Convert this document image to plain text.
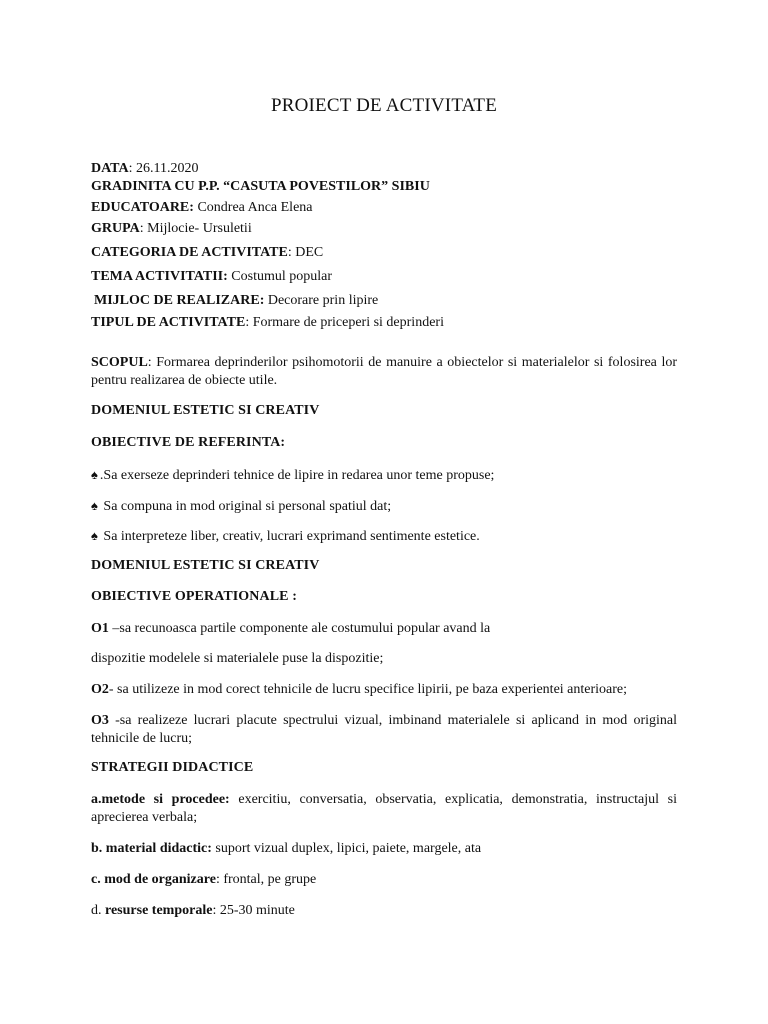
PROIECT DE ACTIVITATE
DATA: 26.11.2020
GRADINITA CU P.P. “CASUTA POVESTILOR” SIBIU
EDUCATOARE: Condrea Anca Elena
GRUPA: Mijlocie- Ursuletii
CATEGORIA DE ACTIVITATE: DEC
TEMA ACTIVITATII: Costumul popular
MIJLOC DE REALIZARE: Decorare prin lipire
TIPUL DE ACTIVITATE: Formare de priceperi si deprinderi
SCOPUL: Formarea deprinderilor psihomotorii de manuire a obiectelor si materialelor si folosirea lor pentru realizarea de obiecte utile.
DOMENIUL ESTETIC SI CREATIV
OBIECTIVE DE REFERINTA:
♠ .Sa exerseze deprinderi tehnice de lipire in redarea unor teme propuse;
♠ Sa compuna in mod original si personal spatiul dat;
♠ Sa interpreteze liber, creativ, lucrari exprimand sentimente estetice.
DOMENIUL ESTETIC SI CREATIV
OBIECTIVE OPERATIONALE :
O1 –sa recunoasca partile componente ale costumului popular avand la
dispozitie modelele si materialele puse la dispozitie;
O2- sa utilizeze in mod corect tehnicile de lucru specifice lipirii, pe baza experientei anterioare;
O3 -sa realizeze lucrari placute spectrului vizual, imbinand materialele si aplicand in mod original tehnicile de lucru;
STRATEGII DIDACTICE
a.metode si procedee: exercitiu, conversatia, observatia, explicatia, demonstratia, instructajul si aprecierea verbala;
b. material didactic: suport vizual duplex, lipici, paiete, margele, ata
c. mod de organizare: frontal, pe grupe
d. resurse temporale: 25-30 minute
